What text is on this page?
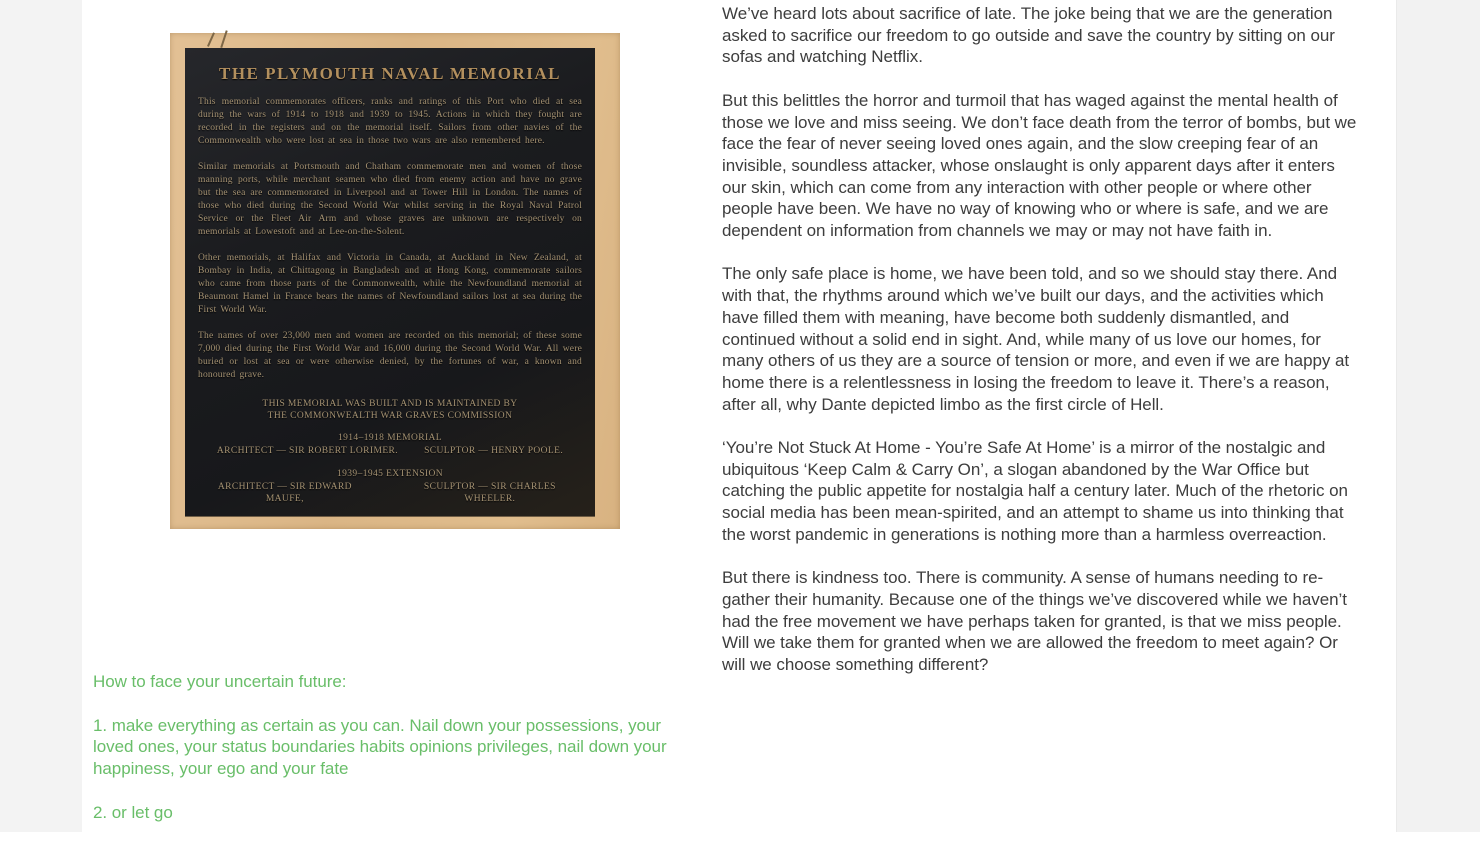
THE PLYMOUTH NAVAL MEMORIAL

This memorial commemorates officers, ranks and ratings of this Port who died at sea during the wars of 1914 to 1918 and 1939 to 1945. Actions in which they fought are recorded in the registers and on the memorial itself. Sailors from other navies of the Commonwealth who were lost at sea in those two wars are also remembered here.

Similar memorials at Portsmouth and Chatham commemorate men and women of those manning ports, while merchant seamen who died from enemy action and have no grave but the sea are commemorated in Liverpool and at Tower Hill in London. The names of those who died during the Second World War whilst serving in the Royal Naval Patrol Service or the Fleet Air Arm and whose graves are unknown are respectively on memorials at Lowestoft and at Lee-on-the-Solent.

Other memorials, at Halifax and Victoria in Canada, at Auckland in New Zealand, at Bombay in India, at Chittagong in Bangladesh and at Hong Kong, commemorate sailors who came from those parts of the Commonwealth, while the Newfoundland memorial at Beaumont Hamel in France bears the names of Newfoundland sailors lost at sea during the First World War.

The names of over 23,000 men and women are recorded on this memorial; of these some 7,000 died during the First World War and 16,000 during the Second World War. All were buried or lost at sea or were otherwise denied, by the fortunes of war, a known and honoured grave.

THIS MEMORIAL WAS BUILT AND IS MAINTAINED BY
THE COMMONWEALTH WAR GRAVES COMMISSION
1914–1918 MEMORIAL
ARCHITECT — SIR ROBERT LORIMER.	SCULPTOR — HENRY POOLE.
1939–1945 EXTENSION
ARCHITECT — SIR EDWARD MAUFE,
SCULPTOR — SIR CHARLES WHEELER.

How to face your uncertain future:

1. make everything as certain as you can. Nail down your possessions, your loved ones, your status boundaries habits opinions privileges, nail down your happiness, your ego and your fate

2. or let go

We’ve heard lots about sacrifice of late. The joke being that we are the generation asked to sacrifice our freedom to go outside and save the country by sitting on our sofas and watching Netflix.

But this belittles the horror and turmoil that has waged against the mental health of those we love and miss seeing. We don’t face death from the terror of bombs, but we face the fear of never seeing loved ones again, and the slow creeping fear of an invisible, soundless attacker, whose onslaught is only apparent days after it enters our skin, which can come from any interaction with other people or where other people have been. We have no way of knowing who or where is safe, and we are dependent on information from channels we may or may not have faith in.

The only safe place is home, we have been told, and so we should stay there. And with that, the rhythms around which we’ve built our days, and the activities which have filled them with meaning, have become both suddenly dismantled, and continued without a solid end in sight. And, while many of us love our homes, for many others of us they are a source of tension or more, and even if we are happy at home there is a relentlessness in losing the freedom to leave it. There’s a reason, after all, why Dante depicted limbo as the first circle of Hell.

‘You’re Not Stuck At Home - You’re Safe At Home’ is a mirror of the nostalgic and ubiquitous ‘Keep Calm & Carry On’, a slogan abandoned by the War Office but catching the public appetite for nostalgia half a century later. Much of the rhetoric on social media has been mean-spirited, and an attempt to shame us into thinking that the worst pandemic in generations is nothing more than a harmless overreaction.

But there is kindness too. There is community. A sense of humans needing to re-gather their humanity. Because one of the things we’ve discovered while we haven’t had the free movement we have perhaps taken for granted, is that we miss people. Will we take them for granted when we are allowed the freedom to meet again? Or will we choose something different?
